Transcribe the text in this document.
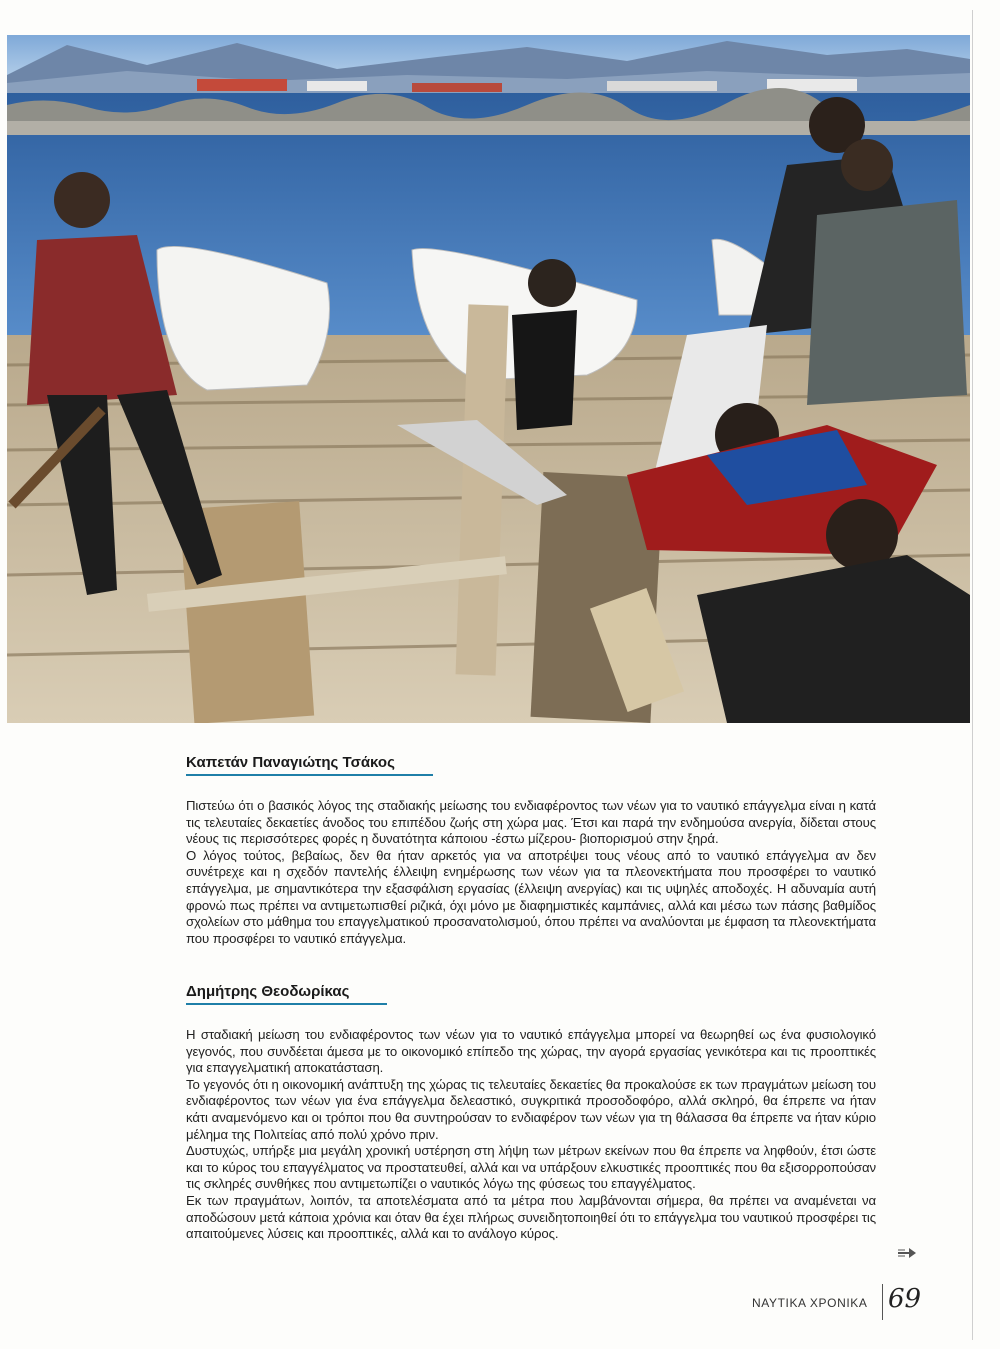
Καπετάν Παναγιώτης Τσάκος

Πιστεύω ότι ο βασικός λόγος της σταδιακής μείωσης του ενδιαφέροντος των νέων για το ναυτικό επάγγελμα είναι η κατά τις τελευταίες δεκαετίες άνοδος του επιπέδου ζωής στη χώρα μας. Έτσι και παρά την ενδημούσα ανεργία, δίδεται στους νέους τις περισσότερες φορές η δυνατότητα κάποιου -έστω μίζερου- βιοπορισμού στην ξηρά.

Ο λόγος τούτος, βεβαίως, δεν θα ήταν αρκετός για να αποτρέψει τους νέους από το ναυτικό επάγγελμα αν δεν συνέτρεχε και η σχεδόν παντελής έλλειψη ενημέρωσης των νέων για τα πλεονεκτήματα που προσφέρει το ναυτικό επάγγελμα, με σημαντικότερα την εξασφάλιση εργασίας (έλλειψη ανεργίας) και τις υψηλές αποδοχές. Η αδυναμία αυτή φρονώ πως πρέπει να αντιμετωπισθεί ριζικά, όχι μόνο με διαφημιστικές καμπάνιες, αλλά και μέσω των πάσης βαθμίδος σχολείων στο μάθημα του επαγγελματικού προσανατολισμού, όπου πρέπει να αναλύονται με έμφαση τα πλεονεκτήματα που προσφέρει το ναυτικό επάγγελμα.

Δημήτρης Θεοδωρίκας

Η σταδιακή μείωση του ενδιαφέροντος των νέων για το ναυτικό επάγγελμα μπορεί να θεωρηθεί ως ένα φυσιολογικό γεγονός, που συνδέεται άμεσα με το οικονομικό επίπεδο της χώρας, την αγορά εργασίας γενικότερα και τις προοπτικές για επαγγελματική αποκατάσταση.

Το γεγονός ότι η οικονομική ανάπτυξη της χώρας τις τελευταίες δεκαετίες θα προκαλούσε εκ των πραγμάτων μείωση του ενδιαφέροντος των νέων για ένα επάγγελμα δελεαστικό, συγκριτικά προσοδοφόρο, αλλά σκληρό, θα έπρεπε να ήταν κάτι αναμενόμενο και οι τρόποι που θα συντηρούσαν το ενδιαφέρον των νέων για τη θάλασσα θα έπρεπε να ήταν κύριο μέλημα της Πολιτείας από πολύ χρόνο πριν.

Δυστυχώς, υπήρξε μια μεγάλη χρονική υστέρηση στη λήψη των μέτρων εκείνων που θα έπρεπε να ληφθούν, έτσι ώστε και το κύρος του επαγγέλματος να προστατευθεί, αλλά και να υπάρξουν ελκυστικές προοπτικές που θα εξισορροπούσαν τις σκληρές συνθήκες που αντιμετωπίζει ο ναυτικός λόγω της φύσεως του επαγγέλματος.

Εκ των πραγμάτων, λοιπόν, τα αποτελέσματα από τα μέτρα που λαμβάνονται σήμερα, θα πρέπει να αναμένεται να αποδώσουν μετά κάποια χρόνια και όταν θα έχει πλήρως συνειδητοποιηθεί ότι το επάγγελμα του ναυτικού προσφέρει τις απαιτούμενες λύσεις και προοπτικές, αλλά και το ανάλογο κύρος.

ΝΑΥΤΙΚΑ ΧΡΟΝΙΚΑ 69
